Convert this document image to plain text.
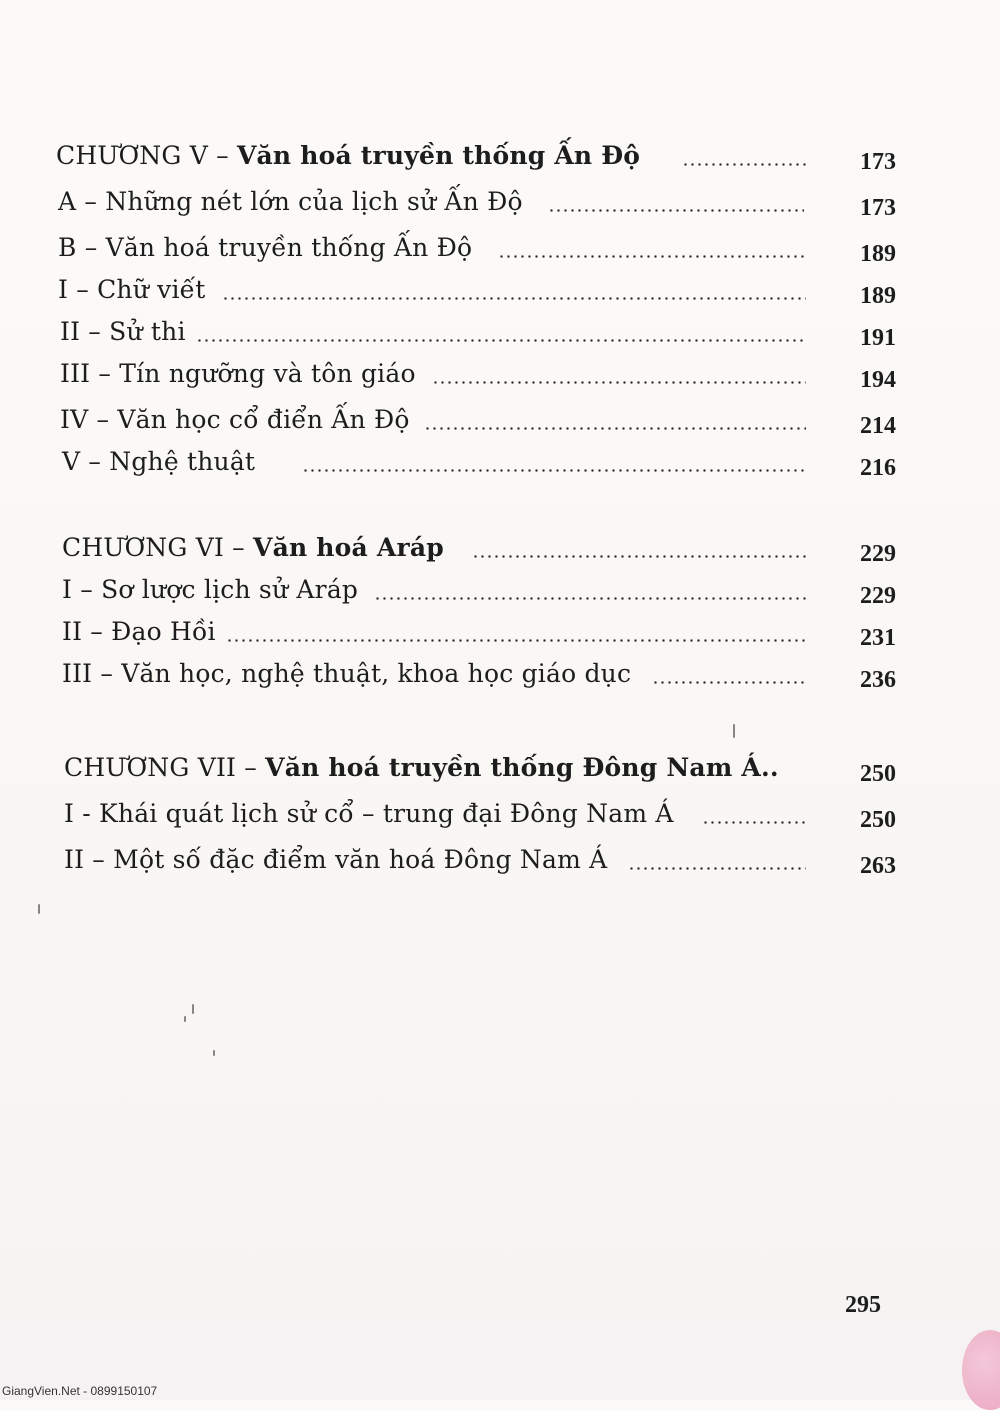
CHƯƠNG V – Văn hoá truyền thống Ấn Độ	173
A – Những nét lớn của lịch sử Ấn Độ	173
B – Văn hoá truyền thống Ấn Độ	189
I – Chữ viết	189
II – Sử thi	191
III – Tín ngưỡng và tôn giáo	194
IV – Văn học cổ điển Ấn Độ	214
V – Nghệ thuật	216
CHƯƠNG VI – Văn hoá Aráp	229
I – Sơ lược lịch sử Aráp	229
II – Đạo Hồi	231
III – Văn học, nghệ thuật, khoa học giáo dục	236
CHƯƠNG VII – Văn hoá truyền thống Đông Nam Á..	250
I - Khái quát lịch sử cổ – trung đại Đông Nam Á	250
II – Một số đặc điểm văn hoá Đông Nam Á	263
295
GiangVien.Net - 0899150107
